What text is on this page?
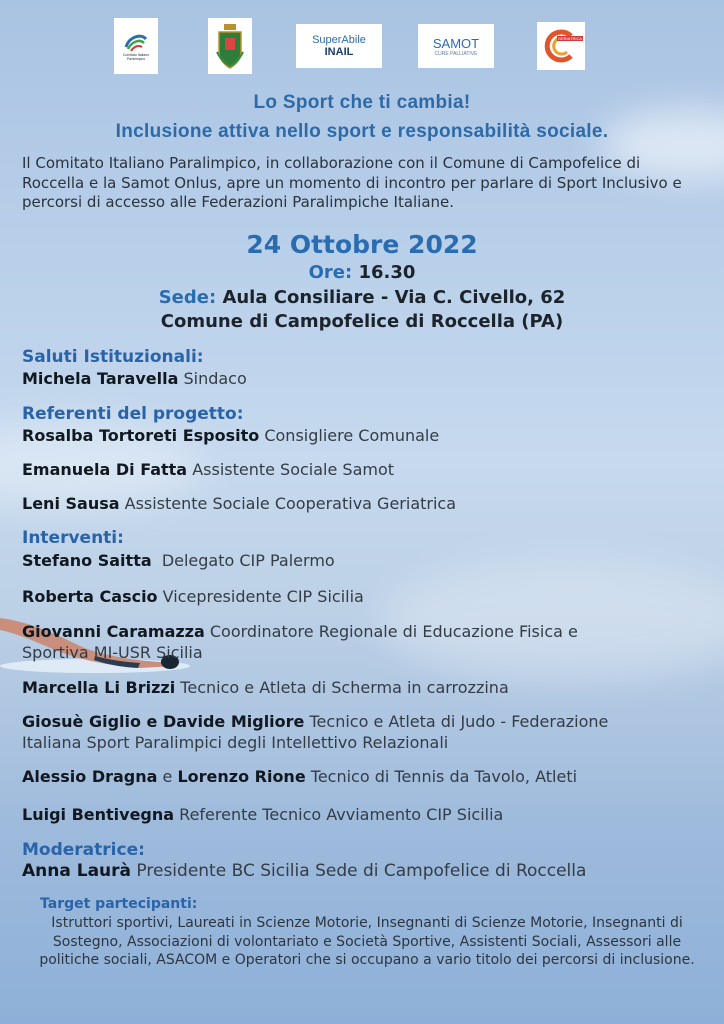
Comitato Italiano Paralimpico
SuperAbile
INAIL
SAMOT
CURE PALLIATIVE
GERIATRICA
Lo Sport che ti cambia!
Inclusione attiva nello sport e responsabilità sociale.
Il Comitato Italiano Paralimpico, in collaborazione con il Comune di Campofelice di Roccella e la Samot Onlus, apre un momento di incontro per parlare di Sport Inclusivo e percorsi di accesso alle Federazioni Paralimpiche Italiane.
24 Ottobre 2022
Ore: 16.30
Sede: Aula Consiliare - Via C. Civello, 62
Comune di Campofelice di Roccella (PA)
Saluti Istituzionali:
Michela Taravella Sindaco
Referenti del progetto:
Rosalba Tortoreti Esposito Consigliere Comunale
Emanuela Di Fatta Assistente Sociale Samot
Leni Sausa Assistente Sociale Cooperativa Geriatrica
Interventi:
Stefano Saitta  Delegato CIP Palermo
Roberta Cascio Vicepresidente CIP Sicilia
Giovanni Caramazza Coordinatore Regionale di Educazione Fisica e Sportiva MI-USR Sicilia
Marcella Li Brizzi Tecnico e Atleta di Scherma in carrozzina
Giosuè Giglio e Davide Migliore Tecnico e Atleta di Judo - Federazione Italiana Sport Paralimpici degli Intellettivo Relazionali
Alessio Dragna e Lorenzo Rione Tecnico di Tennis da Tavolo, Atleti
Luigi Bentivegna Referente Tecnico Avviamento CIP Sicilia
Moderatrice:
Anna Laurà Presidente BC Sicilia Sede di Campofelice di Roccella
Target partecipanti:
Istruttori sportivi, Laureati in Scienze Motorie, Insegnanti di Scienze Motorie, Insegnanti di Sostegno, Associazioni di volontariato e Società Sportive, Assistenti Sociali, Assessori alle politiche sociali, ASACOM e Operatori che si occupano a vario titolo dei percorsi di inclusione.
